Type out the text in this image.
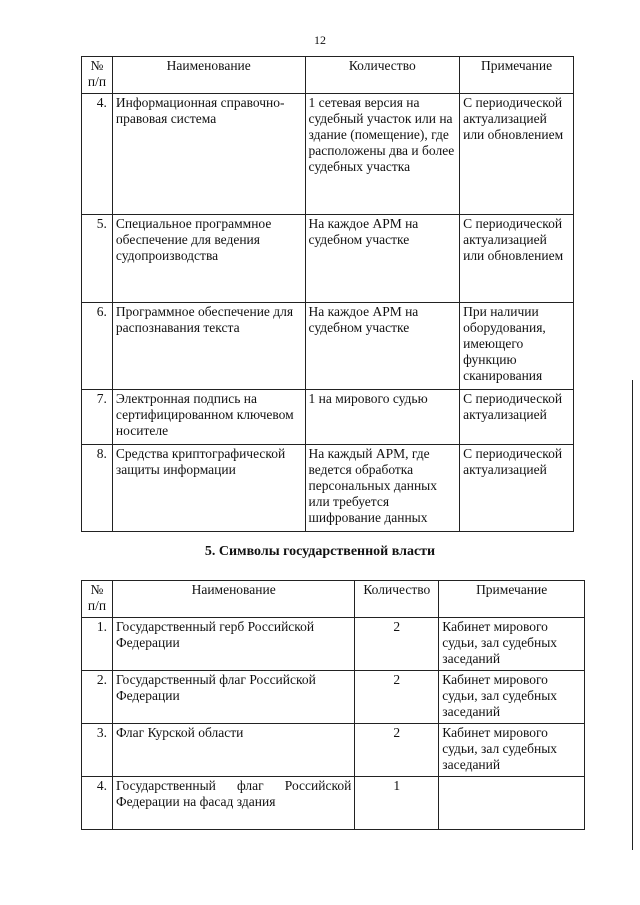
12
№ п/п	Наименование	Количество	Примечание
4.	Информационная справочно-правовая система	1 сетевая версия на судебный участок или на здание (помещение), где расположены два и более судебных участка	С периодической актуализацией или обновлением
5.	Специальное программное обеспечение для ведения судопроизводства	На каждое АРМ на судебном участке	С периодической актуализацией или обновлением
6.	Программное обеспечение для распознавания текста	На каждое АРМ на судебном участке	При наличии оборудования, имеющего функцию сканирования
7.	Электронная подпись на сертифицированном ключевом носителе	1 на мирового судью	С периодической актуализацией
8.	Средства криптографической защиты информации	На каждый АРМ, где ведется обработка персональных данных или требуется шифрование данных	С периодической актуализацией
5. Символы государственной власти
№ п/п	Наименование	Количество	Примечание
1.	Государственный герб Российской Федерации	2	Кабинет мирового судьи, зал судебных заседаний
2.	Государственный флаг Российской Федерации	2	Кабинет мирового судьи, зал судебных заседаний
3.	Флаг Курской области	2	Кабинет мирового судьи, зал судебных заседаний
4.	Государственный флаг Российской Федерации на фасад здания	1	
